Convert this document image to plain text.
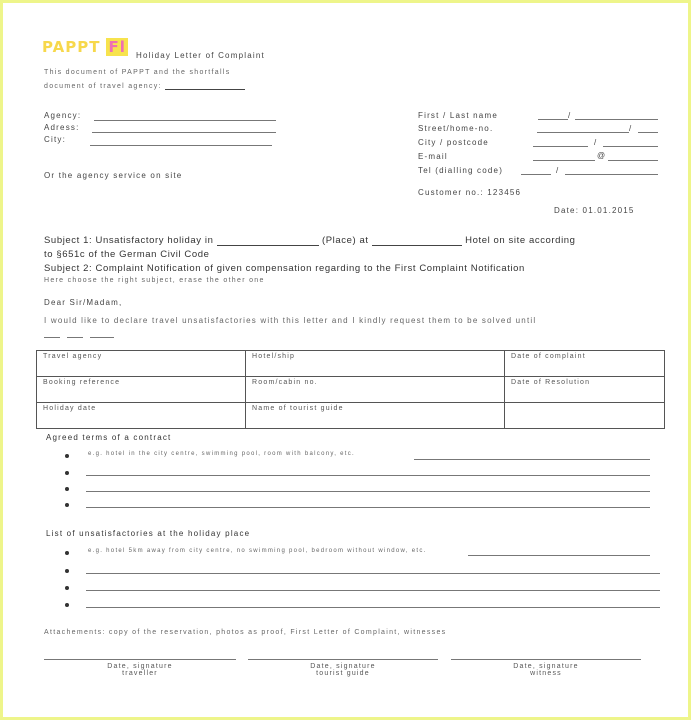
PAPPT Fl Holiday Letter of Complaint
This document of PAPPT and the shortfalls
document of travel agency:
Agency:
Adress:
City:
First / Last name	/
Street/home-no.	/
City / postcode	/
E-mail	@
Tel (dialling code)	/
Or the agency service on site
Customer no.: 123456
Date: 01.01.2015
Subject 1: Unsatisfactory holiday in	(Place) at	Hotel on site according
to §651c of the German Civil Code
Subject 2: Complaint Notification of given compensation regarding to the First Complaint Notification
Here choose the right subject, erase the other one
Dear Sir/Madam,
I would like to declare travel unsatisfactories with this letter and I kindly request them to be solved until
Travel agency	Hotel/ship	Date of complaint
Booking reference	Room/cabin no.	Date of Resolution
Holiday date	Name of tourist guide	
Agreed terms of a contract
e.g. hotel in the city centre, swimming pool, room with balcony, etc.
List of unsatisfactories at the holiday place
e.g. hotel 5km away from city centre, no swimming pool, bedroom without window, etc.
Attachements: copy of the reservation, photos as proof, First Letter of Complaint, witnesses
Date, signature
traveller
Date, signature
tourist guide
Date, signature
witness
